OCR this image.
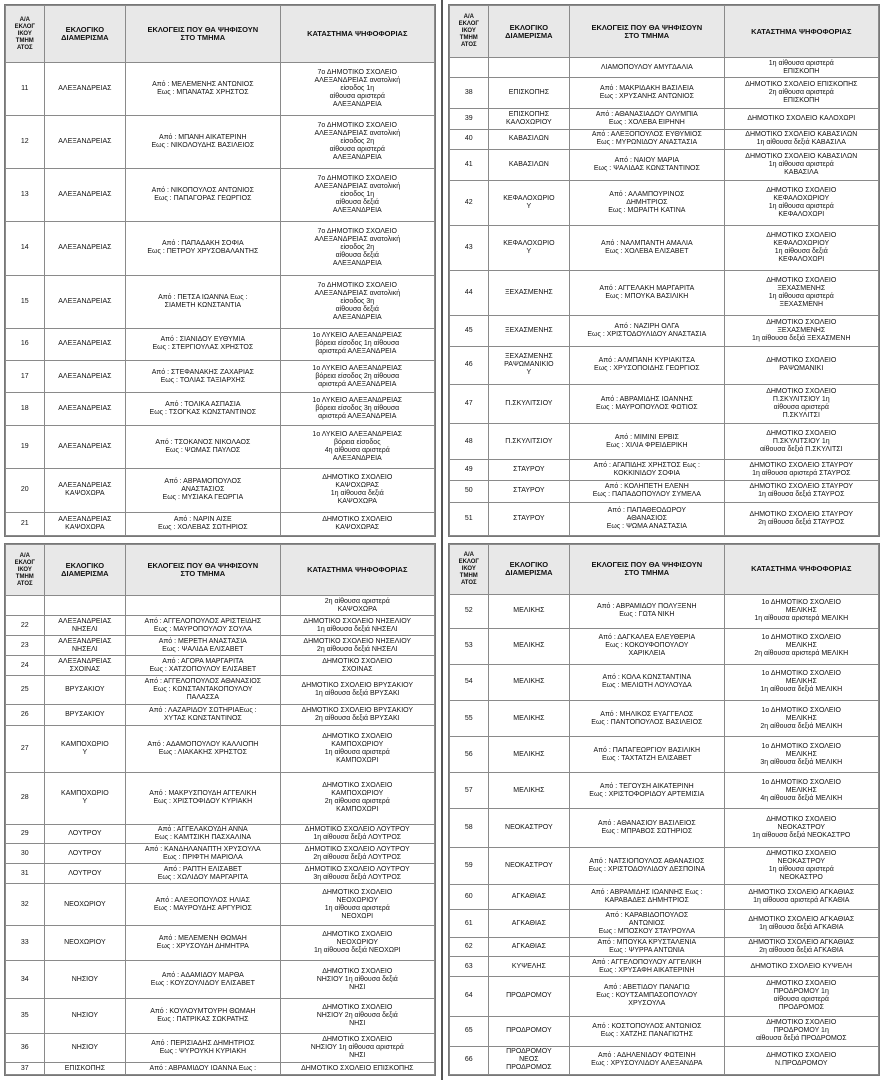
Α/Α
ΕΚΛΟΓ
ΙΚΟΥ
ΤΜΗΜ
ΑΤΟΣ	ΕΚΛΟΓΙΚΟ
ΔΙΑΜΕΡΙΣΜΑ	ΕΚΛΟΓΕΙΣ ΠΟΥ ΘΑ ΨΗΦΙΣΟΥΝ
ΣΤΟ ΤΜΗΜΑ	ΚΑΤΑΣΤΗΜΑ ΨΗΦΟΦΟΡΙΑΣ
11	ΑΛΕΞΑΝΔΡΕΙΑΣ	Από : ΜΕΛΕΜΕΝΗΣ ΑΝΤΩΝΙΟΣ
Εως : ΜΠΑΝΑΤΑΣ ΧΡΗΣΤΟΣ	7ο ΔΗΜΟΤΙΚΟ ΣΧΟΛΕΙΟ
ΑΛΕΞΑΝΔΡΕΙΑΣ ανατολική
είσοδος 1η
αίθουσα αριστερά
ΑΛΕΞΑΝΔΡΕΙΑ
12	ΑΛΕΞΑΝΔΡΕΙΑΣ	Από : ΜΠΑΝΗ ΑΙΚΑΤΕΡΙΝΗ
Εως : ΝΙΚΟΛΟΥΔΗΣ ΒΑΣΙΛΕΙΟΣ	7ο ΔΗΜΟΤΙΚΟ ΣΧΟΛΕΙΟ
ΑΛΕΞΑΝΔΡΕΙΑΣ ανατολική
είσοδος 2η
αίθουσα αριστερά
ΑΛΕΞΑΝΔΡΕΙΑ
13	ΑΛΕΞΑΝΔΡΕΙΑΣ	Από : ΝΙΚΟΠΟΥΛΟΣ ΑΝΤΩΝΙΟΣ
Εως : ΠΑΠΑΓΟΡΑΣ ΓΕΩΡΓΙΟΣ	7ο ΔΗΜΟΤΙΚΟ ΣΧΟΛΕΙΟ
ΑΛΕΞΑΝΔΡΕΙΑΣ ανατολική
είσοδος 1η
αίθουσα δεξιά
ΑΛΕΞΑΝΔΡΕΙΑ
14	ΑΛΕΞΑΝΔΡΕΙΑΣ	Από : ΠΑΠΑΔΑΚΗ ΣΟΦΙΑ
Εως : ΠΕΤΡΟΥ ΧΡΥΣΟΒΑΛΑΝΤΗΣ	7ο ΔΗΜΟΤΙΚΟ ΣΧΟΛΕΙΟ
ΑΛΕΞΑΝΔΡΕΙΑΣ ανατολική
είσοδος 2η
αίθουσα δεξιά
ΑΛΕΞΑΝΔΡΕΙΑ
15	ΑΛΕΞΑΝΔΡΕΙΑΣ	Από : ΠΕΤΣΑ ΙΩΑΝΝΑ Εως :
ΣΙΑΜΕΤΗ ΚΩΝΣΤΑΝΤΙΑ	7ο ΔΗΜΟΤΙΚΟ ΣΧΟΛΕΙΟ
ΑΛΕΞΑΝΔΡΕΙΑΣ ανατολική
είσοδος 3η
αίθουσα δεξιά
ΑΛΕΞΑΝΔΡΕΙΑ
16	ΑΛΕΞΑΝΔΡΕΙΑΣ	Από : ΣΙΑΝΙΔΟΥ ΕΥΘΥΜΙΑ
Εως : ΣΤΕΡΓΙΟΥΛΑΣ ΧΡΗΣΤΟΣ	1ο ΛΥΚΕΙΟ ΑΛΕΞΑΝΔΡΕΙΑΣ
βόρεια είσοδος 1η αίθουσα
αριστερά ΑΛΕΞΑΝΔΡΕΙΑ
17	ΑΛΕΞΑΝΔΡΕΙΑΣ	Από : ΣΤΕΦΑΝΑΚΗΣ ΖΑΧΑΡΙΑΣ
Εως : ΤΟΛΙΑΣ ΤΑΞΙΑΡΧΗΣ	1ο ΛΥΚΕΙΟ ΑΛΕΞΑΝΔΡΕΙΑΣ
βόρεια είσοδος 2η αίθουσα
αριστερά ΑΛΕΞΑΝΔΡΕΙΑ
18	ΑΛΕΞΑΝΔΡΕΙΑΣ	Από : ΤΟΛΙΚΑ ΑΣΠΑΣΙΑ
Εως : ΤΣΟΓΚΑΣ ΚΩΝΣΤΑΝΤΙΝΟΣ	1ο ΛΥΚΕΙΟ ΑΛΕΞΑΝΔΡΕΙΑΣ
βόρεια είσοδος 3η αίθουσα
αριστερά ΑΛΕΞΑΝΔΡΕΙΑ
19	ΑΛΕΞΑΝΔΡΕΙΑΣ	Από : ΤΣΟΚΑΝΟΣ ΝΙΚΟΛΑΟΣ
Εως : ΨΩΜΑΣ ΠΑΥΛΟΣ	1ο ΛΥΚΕΙΟ ΑΛΕΞΑΝΔΡΕΙΑΣ
βόρεια είσοδος
4η αίθουσα αριστερά
ΑΛΕΞΑΝΔΡΕΙΑ
20	ΑΛΕΞΑΝΔΡΕΙΑΣ
ΚΑΨΟΧΩΡΑ	Από : ΑΒΡΑΜΟΠΟΥΛΟΣ
ΑΝΑΣΤΑΣΙΟΣ
Εως : ΜΥΣΙΑΚΑ ΓΕΩΡΓΙΑ	ΔΗΜΟΤΙΚΟ ΣΧΟΛΕΙΟ
ΚΑΨΟΧΩΡΑΣ
1η αίθουσα δεξιά
ΚΑΨΟΧΩΡΑ
21	ΑΛΕΞΑΝΔΡΕΙΑΣ
ΚΑΨΟΧΩΡΑ	Από : ΝΑΡΙΝ ΑΙΣΕ
Εως : ΧΟΛΕΒΑΣ ΣΩΤΗΡΙΟΣ	ΔΗΜΟΤΙΚΟ ΣΧΟΛΕΙΟ
ΚΑΨΟΧΩΡΑΣ
Α/Α
ΕΚΛΟΓ
ΙΚΟΥ
ΤΜΗΜ
ΑΤΟΣ	ΕΚΛΟΓΙΚΟ
ΔΙΑΜΕΡΙΣΜΑ	ΕΚΛΟΓΕΙΣ ΠΟΥ ΘΑ ΨΗΦΙΣΟΥΝ
ΣΤΟ ΤΜΗΜΑ	ΚΑΤΑΣΤΗΜΑ ΨΗΦΟΦΟΡΙΑΣ
		ΛΙΑΜΟΠΟΥΛΟΥ ΑΜΥΓΔΑΛΙΑ	1η αίθουσα αριστερά
ΕΠΙΣΚΟΠΗ
38	ΕΠΙΣΚΟΠΗΣ	Από : ΜΑΚΡΙΔΑΚΗ ΒΑΣΙΛΕΙΑ
Εως : ΧΡΥΣΑΝΗΣ ΑΝΤΩΝΙΟΣ	ΔΗΜΟΤΙΚΟ ΣΧΟΛΕΙΟ ΕΠΙΣΚΟΠΗΣ
2η αίθουσα αριστερά
ΕΠΙΣΚΟΠΗ
39	ΕΠΙΣΚΟΠΗΣ
ΚΑΛΟΧΩΡΙΟΥ	Από : ΑΘΑΝΑΣΙΑΔΟΥ ΟΛΥΜΠΙΑ
Εως : ΧΟΛΕΒΑ ΕΙΡΗΝΗ	ΔΗΜΟΤΙΚΟ ΣΧΟΛΕΙΟ ΚΑΛΟΧΩΡΙ
40	ΚΑΒΑΣΙΛΩΝ	Από : ΑΛΕΞΟΠΟΥΛΟΣ ΕΥΘΥΜΙΟΣ
Εως : ΜΥΡΩΝΙΔΟΥ ΑΝΑΣΤΑΣΙΑ	ΔΗΜΟΤΙΚΟ ΣΧΟΛΕΙΟ ΚΑΒΑΣΙΛΩΝ
1η αίθουσα δεξιά ΚΑΒΑΣΙΛΑ
41	ΚΑΒΑΣΙΛΩΝ	Από : ΝΑΙΟΥ ΜΑΡΙΑ
Εως : ΨΑΛΙΔΑΣ ΚΩΝΣΤΑΝΤΙΝΟΣ	ΔΗΜΟΤΙΚΟ ΣΧΟΛΕΙΟ ΚΑΒΑΣΙΛΩΝ
1η αίθουσα αριστερά
ΚΑΒΑΣΙΛΑ
42	ΚΕΦΑΛΟΧΩΡΙΟ
Υ	Από : ΑΛΑΜΠΟΥΡΙΝΟΣ
ΔΗΜΗΤΡΙΟΣ
Εως : ΜΩΡΑΙΤΗ ΚΑΤΙΝΑ	ΔΗΜΟΤΙΚΟ ΣΧΟΛΕΙΟ
ΚΕΦΑΛΟΧΩΡΙΟΥ
1η αίθουσα αριστερά
ΚΕΦΑΛΟΧΩΡΙ
43	ΚΕΦΑΛΟΧΩΡΙΟ
Υ	Από : ΝΑΛΜΠΑΝΤΗ ΑΜΑΛΙΑ
Εως : ΧΟΛΕΒΑ ΕΛΙΣΑΒΕΤ	ΔΗΜΟΤΙΚΟ ΣΧΟΛΕΙΟ
ΚΕΦΑΛΟΧΩΡΙΟΥ
1η αίθουσα δεξιά
ΚΕΦΑΛΟΧΩΡΙ
44	ΞΕΧΑΣΜΕΝΗΣ	Από : ΑΓΓΕΛΑΚΗ ΜΑΡΓΑΡΙΤΑ
Εως : ΜΠΟΥΚΑ ΒΑΣΙΛΙΚΗ	ΔΗΜΟΤΙΚΟ ΣΧΟΛΕΙΟ
ΞΕΧΑΣΜΕΝΗΣ
1η αίθουσα αριστερά
ΞΕΧΑΣΜΕΝΗ
45	ΞΕΧΑΣΜΕΝΗΣ	Από : ΝΑΖΙΡΗ ΟΛΓΑ
Εως : ΧΡΙΣΤΟΔΟΥΛΙΔΟΥ ΑΝΑΣΤΑΣΙΑ	ΔΗΜΟΤΙΚΟ ΣΧΟΛΕΙΟ
ΞΕΧΑΣΜΕΝΗΣ
1η αίθουσα δεξιά ΞΕΧΑΣΜΕΝΗ
46	ΞΕΧΑΣΜΕΝΗΣ
ΡΑΨΩΜΑΝΙΚΙΟ
Υ	Από : ΑΛΜΠΑΝΗ ΚΥΡΙΑΚΙΤΣΑ
Εως : ΧΡΥΣΟΠΟΙΔΗΣ ΓΕΩΡΓΙΟΣ	ΔΗΜΟΤΙΚΟ ΣΧΟΛΕΙΟ
ΡΑΨΩΜΑΝΙΚΙ
47	Π.ΣΚΥΛΙΤΣΙΟΥ	Από : ΑΒΡΑΜΙΔΗΣ ΙΩΑΝΝΗΣ
Εως : ΜΑΥΡΟΠΟΥΛΟΣ ΦΩΤΙΟΣ	ΔΗΜΟΤΙΚΟ ΣΧΟΛΕΙΟ
Π.ΣΚΥΛΙΤΣΙΟΥ 1η
αίθουσα αριστερά
Π.ΣΚΥΛΙΤΣΙ
48	Π.ΣΚΥΛΙΤΣΙΟΥ	Από : ΜΙΜΙΝΙ ΕΡΒΙΣ
Εως : ΧΙΛΙΑ ΦΡΕΙΔΕΡΙΚΗ	ΔΗΜΟΤΙΚΟ ΣΧΟΛΕΙΟ
Π.ΣΚΥΛΙΤΣΙΟΥ 1η
αίθουσα δεξιά Π.ΣΚΥΛΙΤΣΙ
49	ΣΤΑΥΡΟΥ	Από : ΑΓΑΠΙΔΗΣ ΧΡΗΣΤΟΣ Εως :
ΚΟΚΚΙΝΙΔΟΥ ΣΟΦΙΑ	ΔΗΜΟΤΙΚΟ ΣΧΟΛΕΙΟ ΣΤΑΥΡΟΥ
1η αίθουσα αριστερά ΣΤΑΥΡΟΣ
50	ΣΤΑΥΡΟΥ	Από : ΚΟΛΗΠΕΤΗ ΕΛΕΝΗ
Εως : ΠΑΠΑΔΟΠΟΥΛΟΥ ΣΥΜΕΛΑ	ΔΗΜΟΤΙΚΟ ΣΧΟΛΕΙΟ ΣΤΑΥΡΟΥ
1η αίθουσα δεξιά ΣΤΑΥΡΟΣ
51	ΣΤΑΥΡΟΥ	Από : ΠΑΠΑΘΕΟΔΩΡΟΥ
ΑΘΑΝΑΣΙΟΣ
Εως : ΨΩΜΑ ΑΝΑΣΤΑΣΙΑ	ΔΗΜΟΤΙΚΟ ΣΧΟΛΕΙΟ ΣΤΑΥΡΟΥ
2η αίθουσα δεξιά ΣΤΑΥΡΟΣ
Α/Α
ΕΚΛΟΓ
ΙΚΟΥ
ΤΜΗΜ
ΑΤΟΣ	ΕΚΛΟΓΙΚΟ
ΔΙΑΜΕΡΙΣΜΑ	ΕΚΛΟΓΕΙΣ ΠΟΥ ΘΑ ΨΗΦΙΣΟΥΝ
ΣΤΟ ΤΜΗΜΑ	ΚΑΤΑΣΤΗΜΑ ΨΗΦΟΦΟΡΙΑΣ
			2η αίθουσα αριστερά
ΚΑΨΟΧΩΡΑ
22	ΑΛΕΞΑΝΔΡΕΙΑΣ
ΝΗΣΕΛΙ	Από : ΑΓΓΕΛΟΠΟΥΛΟΣ ΑΡΙΣΤΕΙΔΗΣ
Εως : ΜΑΥΡΟΠΟΥΛΟΥ ΣΟΥΛΑ	ΔΗΜΟΤΙΚΟ ΣΧΟΛΕΙΟ ΝΗΣΕΛΙΟΥ
1η αίθουσα δεξιά ΝΗΣΕΛΙ
23	ΑΛΕΞΑΝΔΡΕΙΑΣ
ΝΗΣΕΛΙ	Από : ΜΕΡΕΤΗ ΑΝΑΣΤΑΣΙΑ
Εως : ΨΑΛΙΔΑ ΕΛΙΣΑΒΕΤ	ΔΗΜΟΤΙΚΟ ΣΧΟΛΕΙΟ ΝΗΣΕΛΙΟΥ
2η αίθουσα δεξιά ΝΗΣΕΛΙ
24	ΑΛΕΞΑΝΔΡΕΙΑΣ
ΣΧΟΙΝΑΣ	Από : ΑΓΟΡΑ ΜΑΡΓΑΡΙΤΑ
Εως : ΧΑΤΖΟΠΟΥΛΟΥ ΕΛΙΣΑΒΕΤ	ΔΗΜΟΤΙΚΟ ΣΧΟΛΕΙΟ
ΣΧΟΙΝΑΣ
25	ΒΡΥΣΑΚΙΟΥ	Από : ΑΓΓΕΛΟΠΟΥΛΟΣ ΑΘΑΝΑΣΙΟΣ
Εως : ΚΩΝΣΤΑΝΤΑΚΟΠΟΥΛΟΥ
ΠΑΛΑΣΣΑ	ΔΗΜΟΤΙΚΟ ΣΧΟΛΕΙΟ ΒΡΥΣΑΚΙΟΥ
1η αίθουσα δεξιά ΒΡΥΣΑΚΙ
26	ΒΡΥΣΑΚΙΟΥ	Από : ΛΑΖΑΡΙΔΟΥ ΣΩΤΗΡΙΑΕως :
ΧΥΤΑΣ ΚΩΝΣΤΑΝΤΙΝΟΣ	ΔΗΜΟΤΙΚΟ ΣΧΟΛΕΙΟ ΒΡΥΣΑΚΙΟΥ
2η αίθουσα δεξιά ΒΡΥΣΑΚΙ
27	ΚΑΜΠΟΧΩΡΙΟ
Υ	Από : ΑΔΑΜΟΠΟΥΛΟΥ ΚΑΛΛΙΟΠΗ
Εως : ΛΙΑΚΑΚΗΣ ΧΡΗΣΤΟΣ	ΔΗΜΟΤΙΚΟ ΣΧΟΛΕΙΟ
ΚΑΜΠΟΧΩΡΙΟΥ
1η αίθουσα αριστερά
ΚΑΜΠΟΧΩΡΙ
28	ΚΑΜΠΟΧΩΡΙΟ
Υ	Από : ΜΑΚΡΥΣΠΟΥΔΗ ΑΓΓΕΛΙΚΗ
Εως : ΧΡΙΣΤΟΦΙΔΟΥ ΚΥΡΙΑΚΗ	ΔΗΜΟΤΙΚΟ ΣΧΟΛΕΙΟ
ΚΑΜΠΟΧΩΡΙΟΥ
2η αίθουσα αριστερά
ΚΑΜΠΟΧΩΡΙ
29	ΛΟΥΤΡΟΥ	Από : ΑΓΓΕΛΑΚΟΥΔΗ ΑΝΝΑ
Εως : ΚΑΜΤΣΙΚΗ ΠΑΣΧΑΛΙΝΑ	ΔΗΜΟΤΙΚΟ ΣΧΟΛΕΙΟ ΛΟΥΤΡΟΥ
1η αίθουσα δεξιά ΛΟΥΤΡΟΣ
30	ΛΟΥΤΡΟΥ	Από : ΚΑΝΔΗΛΑΝΑΠΤΗ ΧΡΥΣΟΥΛΑ
Εως : ΠΡΙΦΤΗ ΜΑΡΙΟΛΑ	ΔΗΜΟΤΙΚΟ ΣΧΟΛΕΙΟ ΛΟΥΤΡΟΥ
2η αίθουσα δεξιά ΛΟΥΤΡΟΣ
31	ΛΟΥΤΡΟΥ	Από : ΡΑΠΤΗ ΕΛΙΣΑΒΕΤ
Εως : ΧΩΛΙΔΟΥ ΜΑΡΓΑΡΙΤΑ	ΔΗΜΟΤΙΚΟ ΣΧΟΛΕΙΟ ΛΟΥΤΡΟΥ
3η αίθουσα δεξιά ΛΟΥΤΡΟΣ
32	ΝΕΟΧΩΡΙΟΥ	Από : ΑΛΕΞΟΠΟΥΛΟΣ ΗΛΙΑΣ
Εως : ΜΑΥΡΟΥΔΗΣ ΑΡΓΥΡΙΟΣ	ΔΗΜΟΤΙΚΟ ΣΧΟΛΕΙΟ
ΝΕΟΧΩΡΙΟΥ
1η αίθουσα αριστερά
ΝΕΟΧΩΡΙ
33	ΝΕΟΧΩΡΙΟΥ	Από : ΜΕΛΕΜΕΝΗ ΘΩΜΑΗ
Εως : ΧΡΥΣΟΥΔΗ ΔΗΜΗΤΡΑ	ΔΗΜΟΤΙΚΟ ΣΧΟΛΕΙΟ
ΝΕΟΧΩΡΙΟΥ
1η αίθουσα δεξιά ΝΕΟΧΩΡΙ
34	ΝΗΣΙΟΥ	Από : ΑΔΑΜΙΔΟΥ ΜΑΡΘΑ
Εως : ΚΟΥΖΟΥΛΙΔΟΥ ΕΛΙΣΑΒΕΤ	ΔΗΜΟΤΙΚΟ ΣΧΟΛΕΙΟ
ΝΗΣΙΟΥ 1η αίθουσα δεξιά
ΝΗΣΙ
35	ΝΗΣΙΟΥ	Από : ΚΟΥΛΟΥΜΤΟΥΡΗ ΘΩΜΑΗ
Εως : ΠΑΤΡΙΚΑΣ ΣΩΚΡΑΤΗΣ	ΔΗΜΟΤΙΚΟ ΣΧΟΛΕΙΟ
ΝΗΣΙΟΥ 2η αίθουσα δεξιά
ΝΗΣΙ
36	ΝΗΣΙΟΥ	Από : ΠΕΡΙΣΙΑΔΗΣ ΔΗΜΗΤΡΙΟΣ
Εως : ΨΥΡΟΥΚΗ ΚΥΡΙΑΚΗ	ΔΗΜΟΤΙΚΟ ΣΧΟΛΕΙΟ
ΝΗΣΙΟΥ 1η αίθουσα αριστερά
ΝΗΣΙ
37	ΕΠΙΣΚΟΠΗΣ	Από : ΑΒΡΑΜΙΔΟΥ ΙΩΑΝΝΑ Εως :	ΔΗΜΟΤΙΚΟ ΣΧΟΛΕΙΟ ΕΠΙΣΚΟΠΗΣ
Α/Α
ΕΚΛΟΓ
ΙΚΟΥ
ΤΜΗΜ
ΑΤΟΣ	ΕΚΛΟΓΙΚΟ
ΔΙΑΜΕΡΙΣΜΑ	ΕΚΛΟΓΕΙΣ ΠΟΥ ΘΑ ΨΗΦΙΣΟΥΝ
ΣΤΟ ΤΜΗΜΑ	ΚΑΤΑΣΤΗΜΑ ΨΗΦΟΦΟΡΙΑΣ
52	ΜΕΛΙΚΗΣ	Από : ΑΒΡΑΜΙΔΟΥ ΠΟΛΥΞΕΝΗ
Εως : ΓΩΤΑ ΝΙΚΗ	1ο ΔΗΜΟΤΙΚΟ ΣΧΟΛΕΙΟ
ΜΕΛΙΚΗΣ
1η αίθουσα αριστερά ΜΕΛΙΚΗ
53	ΜΕΛΙΚΗΣ	Από : ΔΑΓΚΑΛΕΑ ΕΛΕΥΘΕΡΙΑ
Εως : ΚΟΚΟΥΦΟΠΟΥΛΟΥ
ΧΑΡΙΚΛΕΙΑ	1ο ΔΗΜΟΤΙΚΟ ΣΧΟΛΕΙΟ
ΜΕΛΙΚΗΣ
2η αίθουσα αριστερά ΜΕΛΙΚΗ
54	ΜΕΛΙΚΗΣ	Από : ΚΟΛΑ ΚΩΝΣΤΑΝΤΙΝΑ
Εως : ΜΕΛΙΩΤΗ ΛΟΥΛΟΥΔΑ	1ο ΔΗΜΟΤΙΚΟ ΣΧΟΛΕΙΟ
ΜΕΛΙΚΗΣ
1η αίθουσα δεξιά ΜΕΛΙΚΗ
55	ΜΕΛΙΚΗΣ	Από : ΜΗΛΙΚΟΣ ΕΥΑΓΓΕΛΟΣ
Εως : ΠΑΝΤΟΠΟΥΛΟΣ ΒΑΣΙΛΕΙΟΣ	1ο ΔΗΜΟΤΙΚΟ ΣΧΟΛΕΙΟ
ΜΕΛΙΚΗΣ
2η αίθουσα δεξιά ΜΕΛΙΚΗ
56	ΜΕΛΙΚΗΣ	Από : ΠΑΠΑΓΕΩΡΓΙΟΥ ΒΑΣΙΛΙΚΗ
Εως : ΤΑΧΤΑΤΖΗ ΕΛΙΣΑΒΕΤ	1ο ΔΗΜΟΤΙΚΟ ΣΧΟΛΕΙΟ
ΜΕΛΙΚΗΣ
3η αίθουσα δεξιά ΜΕΛΙΚΗ
57	ΜΕΛΙΚΗΣ	Από : ΤΕΓΟΥΣΗ ΑΙΚΑΤΕΡΙΝΗ
Εως : ΧΡΙΣΤΟΦΟΡΙΔΟΥ ΑΡΤΕΜΙΣΙΑ	1ο ΔΗΜΟΤΙΚΟ ΣΧΟΛΕΙΟ
ΜΕΛΙΚΗΣ
4η αίθουσα δεξιά ΜΕΛΙΚΗ
58	ΝΕΟΚΑΣΤΡΟΥ	Από : ΑΘΑΝΑΣΙΟΥ ΒΑΣΙΛΕΙΟΣ
Εως : ΜΠΡΑΒΟΣ ΣΩΤΗΡΙΟΣ	ΔΗΜΟΤΙΚΟ ΣΧΟΛΕΙΟ
ΝΕΟΚΑΣΤΡΟΥ
1η αίθουσα δεξιά ΝΕΟΚΑΣΤΡΟ
59	ΝΕΟΚΑΣΤΡΟΥ	Από : ΝΑΤΣΙΟΠΟΥΛΟΣ ΑΘΑΝΑΣΙΟΣ
Εως : ΧΡΙΣΤΟΔΟΥΛΙΔΟΥ ΔΕΣΠΟΙΝΑ	ΔΗΜΟΤΙΚΟ ΣΧΟΛΕΙΟ
ΝΕΟΚΑΣΤΡΟΥ
1η αίθουσα αριστερά
ΝΕΟΚΑΣΤΡΟ
60	ΑΓΚΑΘΙΑΣ	Από : ΑΒΡΑΜΙΔΗΣ ΙΩΑΝΝΗΣ Εως :
ΚΑΡΑΒΑΔΕΣ ΔΗΜΗΤΡΙΟΣ	ΔΗΜΟΤΙΚΟ ΣΧΟΛΕΙΟ ΑΓΚΑΘΙΑΣ
1η αίθουσα αριστερά ΑΓΚΑΘΙΑ
61	ΑΓΚΑΘΙΑΣ	Από : ΚΑΡΑΒΙΔΟΠΟΥΛΟΣ
ΑΝΤΩΝΙΟΣ
Εως : ΜΠΟΣΚΟΥ ΣΤΑΥΡΟΥΛΑ	ΔΗΜΟΤΙΚΟ ΣΧΟΛΕΙΟ ΑΓΚΑΘΙΑΣ
1η αίθουσα δεξιά ΑΓΚΑΘΙΑ
62	ΑΓΚΑΘΙΑΣ	Από : ΜΠΟΥΚΑ ΚΡΥΣΤΑΛΕΝΙΑ
Εως : ΨΥΡΡΑ ΑΝΤΩΝΙΑ	ΔΗΜΟΤΙΚΟ ΣΧΟΛΕΙΟ ΑΓΚΑΘΙΑΣ
2η αίθουσα δεξιά ΑΓΚΑΘΙΑ
63	ΚΥΨΕΛΗΣ	Από : ΑΓΓΕΛΟΠΟΥΛΟΥ ΑΓΓΕΛΙΚΗ
Εως : ΧΡΥΣΑΦΗ ΑΙΚΑΤΕΡΙΝΗ	ΔΗΜΟΤΙΚΟ ΣΧΟΛΕΙΟ ΚΥΨΕΛΗ
64	ΠΡΟΔΡΟΜΟΥ	Από : ΑΒΕΤΙΔΟΥ ΠΑΝΑΓΙΩ
Εως : ΚΟΥΤΣΑΜΠΑΣΟΠΟΥΛΟΥ
ΧΡΥΣΟΥΛΑ	ΔΗΜΟΤΙΚΟ ΣΧΟΛΕΙΟ
ΠΡΟΔΡΟΜΟΥ 1η
αίθουσα αριστερά
ΠΡΟΔΡΟΜΟΣ
65	ΠΡΟΔΡΟΜΟΥ	Από : ΚΟΣΤΟΠΟΥΛΟΣ ΑΝΤΩΝΙΟΣ
Εως : ΧΑΤΖΗΣ ΠΑΝΑΓΙΩΤΗΣ	ΔΗΜΟΤΙΚΟ ΣΧΟΛΕΙΟ
ΠΡΟΔΡΟΜΟΥ 1η
αίθουσα δεξιά ΠΡΟΔΡΟΜΟΣ
66	ΠΡΟΔΡΟΜΟΥ
ΝΕΟΣ
ΠΡΟΔΡΟΜΟΣ	Από : ΑΔΗΛΕΝΙΔΟΥ ΦΩΤΕΙΝΗ
Εως : ΧΡΥΣΟΥΛΙΔΟΥ ΑΛΕΞΑΝΔΡΑ	ΔΗΜΟΤΙΚΟ ΣΧΟΛΕΙΟ
Ν.ΠΡΟΔΡΟΜΟΥ
